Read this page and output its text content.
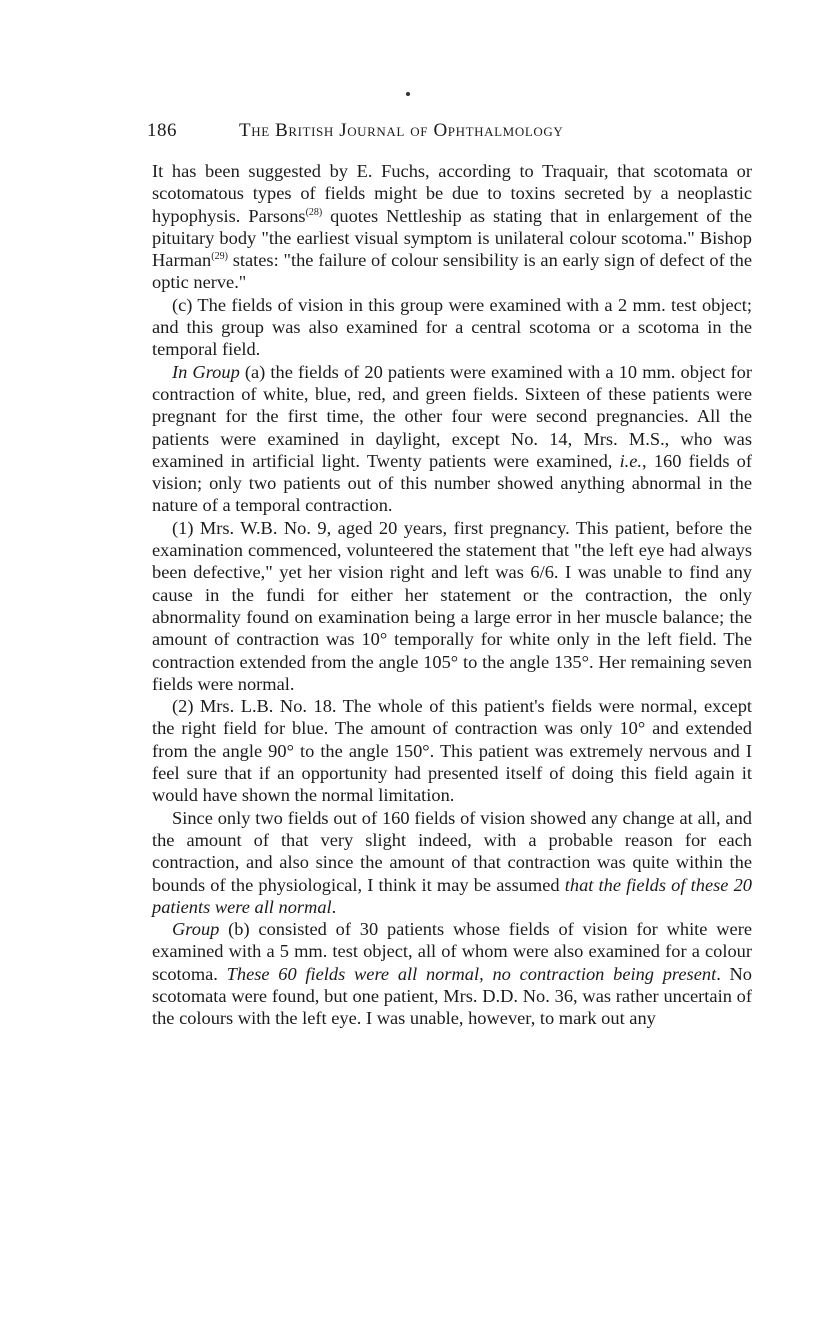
186	The British Journal of Ophthalmology

It has been suggested by E. Fuchs, according to Traquair, that scotomata or scotomatous types of fields might be due to toxins secreted by a neoplastic hypophysis. Parsons$^{(28)}$ quotes Nettleship as stating that in enlargement of the pituitary body "the earliest visual symptom is unilateral colour scotoma." Bishop Harman$^{(29)}$ states: "the failure of colour sensibility is an early sign of defect of the optic nerve."

(c) The fields of vision in this group were examined with a 2 mm. test object; and this group was also examined for a central scotoma or a scotoma in the temporal field.

In Group (a) the fields of 20 patients were examined with a 10 mm. object for contraction of white, blue, red, and green fields. Sixteen of these patients were pregnant for the first time, the other four were second pregnancies. All the patients were examined in daylight, except No. 14, Mrs. M.S., who was examined in artificial light. Twenty patients were examined, i.e., 160 fields of vision; only two patients out of this number showed anything abnormal in the nature of a temporal contraction.

(1) Mrs. W.B. No. 9, aged 20 years, first pregnancy. This patient, before the examination commenced, volunteered the statement that "the left eye had always been defective," yet her vision right and left was 6/6. I was unable to find any cause in the fundi for either her statement or the contraction, the only abnormality found on examination being a large error in her muscle balance; the amount of contraction was 10° temporally for white only in the left field. The contraction extended from the angle 105° to the angle 135°. Her remaining seven fields were normal.

(2) Mrs. L.B. No. 18. The whole of this patient's fields were normal, except the right field for blue. The amount of contraction was only 10° and extended from the angle 90° to the angle 150°. This patient was extremely nervous and I feel sure that if an opportunity had presented itself of doing this field again it would have shown the normal limitation.

Since only two fields out of 160 fields of vision showed any change at all, and the amount of that very slight indeed, with a probable reason for each contraction, and also since the amount of that contraction was quite within the bounds of the physiological, I think it may be assumed that the fields of these 20 patients were all normal.

Group (b) consisted of 30 patients whose fields of vision for white were examined with a 5 mm. test object, all of whom were also examined for a colour scotoma. These 60 fields were all normal, no contraction being present. No scotomata were found, but one patient, Mrs. D.D. No. 36, was rather uncertain of the colours with the left eye. I was unable, however, to mark out any
